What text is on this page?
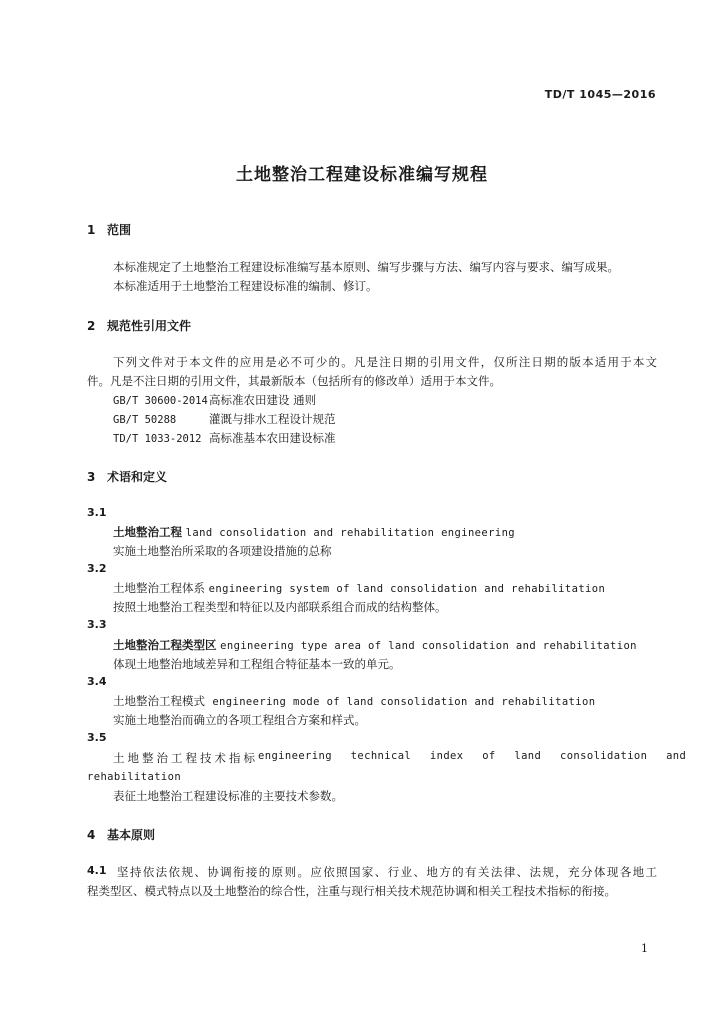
TD/T 1045—2016
土地整治工程建设标准编写规程
1 范围
本标准规定了土地整治工程建设标准编写基本原则、编写步骤与方法、编写内容与要求、编写成果。
本标准适用于土地整治工程建设标准的编制、修订。
2 规范性引用文件
下列文件对于本文件的应用是必不可少的。凡是注日期的引用文件，仅所注日期的版本适用于本文
件。凡是不注日期的引用文件，其最新版本（包括所有的修改单）适用于本文件。
GB/T 30600-2014高标准农田建设 通则
GB/T 50288	灌溉与排水工程设计规范
TD/T 1033-2012 高标准基本农田建设标准
3 术语和定义
3.1
土地整治工程 land consolidation and rehabilitation engineering
实施土地整治所采取的各项建设措施的总称
3.2
土地整治工程体系 engineering system of land consolidation and rehabilitation
按照土地整治工程类型和特征以及内部联系组合而成的结构整体。
3.3
土地整治工程类型区 engineering type area of land consolidation and rehabilitation
体现土地整治地域差异和工程组合特征基本一致的单元。
3.4
土地整治工程模式 engineering mode of land consolidation and rehabilitation
实施土地整治而确立的各项工程组合方案和样式。
3.5
土地整治工程技术指标 engineering technical index of land consolidation and
rehabilitation
表征土地整治工程建设标准的主要技术参数。
4 基本原则
4.1 坚持依法依规、协调衔接的原则。应依照国家、行业、地方的有关法律、法规，充分体现各地工
程类型区、模式特点以及土地整治的综合性，注重与现行相关技术规范协调和相关工程技术指标的衔接。
1
